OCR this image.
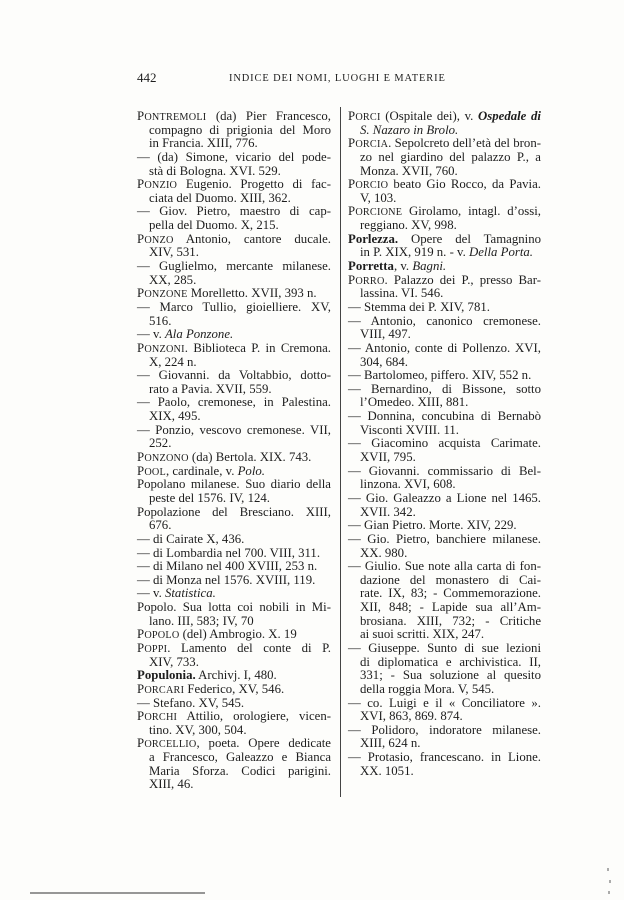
442	INDICE DEI NOMI, LUOGHI E MATERIE
PONTREMOLI (da) Pier Francesco,
compagno di prigionia del Moro
in Francia. XIII, 776.
— (da) Simone, vicario del pode-
stà di Bologna. XVI. 529.
PONZIO Eugenio. Progetto di fac-
ciata del Duomo. XIII, 362.
— Giov. Pietro, maestro di cap-
pella del Duomo. X, 215.
PONZO Antonio, cantore ducale.
XIV, 531.
— Guglielmo, mercante milanese.
XX, 285.
PONZONE Morelletto. XVII, 393 n.
— Marco Tullio, gioielliere. XV,
516.
— v. Ala Ponzone.
PONZONI. Biblioteca P. in Cremona.
X, 224 n.
— Giovanni. da Voltabbio, dotto-
rato a Pavia. XVII, 559.
— Paolo, cremonese, in Palestina.
XIX, 495.
— Ponzio, vescovo cremonese. VII,
252.
PONZONO (da) Bertola. XIX. 743.
POOL, cardinale, v. Polo.
Popolano milanese. Suo diario della
peste del 1576. IV, 124.
Popolazione del Bresciano. XIII,
676.
— di Cairate X, 436.
— di Lombardia nel 700. VIII, 311.
— di Milano nel 400 XVIII, 253 n.
— di Monza nel 1576. XVIII, 119.
— v. Statistica.
Popolo. Sua lotta coi nobili in Mi-
lano. III, 583; IV, 70
POPOLO (del) Ambrogio. X. 19
POPPI. Lamento del conte di P.
XIV, 733.
Populonia. Archivj. I, 480.
PORCARI Federico, XV, 546.
— Stefano. XV, 545.
PORCHI Attilio, orologiere, vicen-
tino. XV, 300, 504.
PORCELLIO, poeta. Opere dedicate
a Francesco, Galeazzo e Bianca
Maria Sforza. Codici parigini.
XIII, 46.
PORCI (Ospitale dei), v. Ospedale di
S. Nazaro in Brolo.
PORCIA. Sepolcreto dell’età del bron-
zo nel giardino del palazzo P., a
Monza. XVII, 760.
PORCIO beato Gio Rocco, da Pavia.
V, 103.
PORCIONE Girolamo, intagl. d’ossi,
reggiano. XV, 998.
Porlezza. Opere del Tamagnino
in P. XIX, 919 n. - v. Della Porta.
Porretta, v. Bagni.
PORRO. Palazzo dei P., presso Bar-
lassina. VI. 546.
— Stemma dei P. XIV, 781.
— Antonio, canonico cremonese.
VIII, 497.
— Antonio, conte di Pollenzo. XVI,
304, 684.
— Bartolomeo, piffero. XIV, 552 n.
— Bernardino, di Bissone, sotto
l’Omedeo. XIII, 881.
— Donnina, concubina di Bernabò
Visconti XVIII. 11.
— Giacomino acquista Carimate.
XVII, 795.
— Giovanni. commissario di Bel-
linzona. XVI, 608.
— Gio. Galeazzo a Lione nel 1465.
XVII. 342.
— Gian Pietro. Morte. XIV, 229.
— Gio. Pietro, banchiere milanese.
XX. 980.
— Giulio. Sue note alla carta di fon-
dazione del monastero di Cai-
rate. IX, 83; - Commemorazione.
XII, 848; - Lapide sua all’Am-
brosiana. XIII, 732; - Critiche
ai suoi scritti. XIX, 247.
— Giuseppe. Sunto di sue lezioni
di diplomatica e archivistica. II,
331; - Sua soluzione al quesito
della roggia Mora. V, 545.
— co. Luigi e il « Conciliatore ».
XVI, 863, 869. 874.
— Polidoro, indoratore milanese.
XIII, 624 n.
— Protasio, francescano. in Lione.
XX. 1051.
